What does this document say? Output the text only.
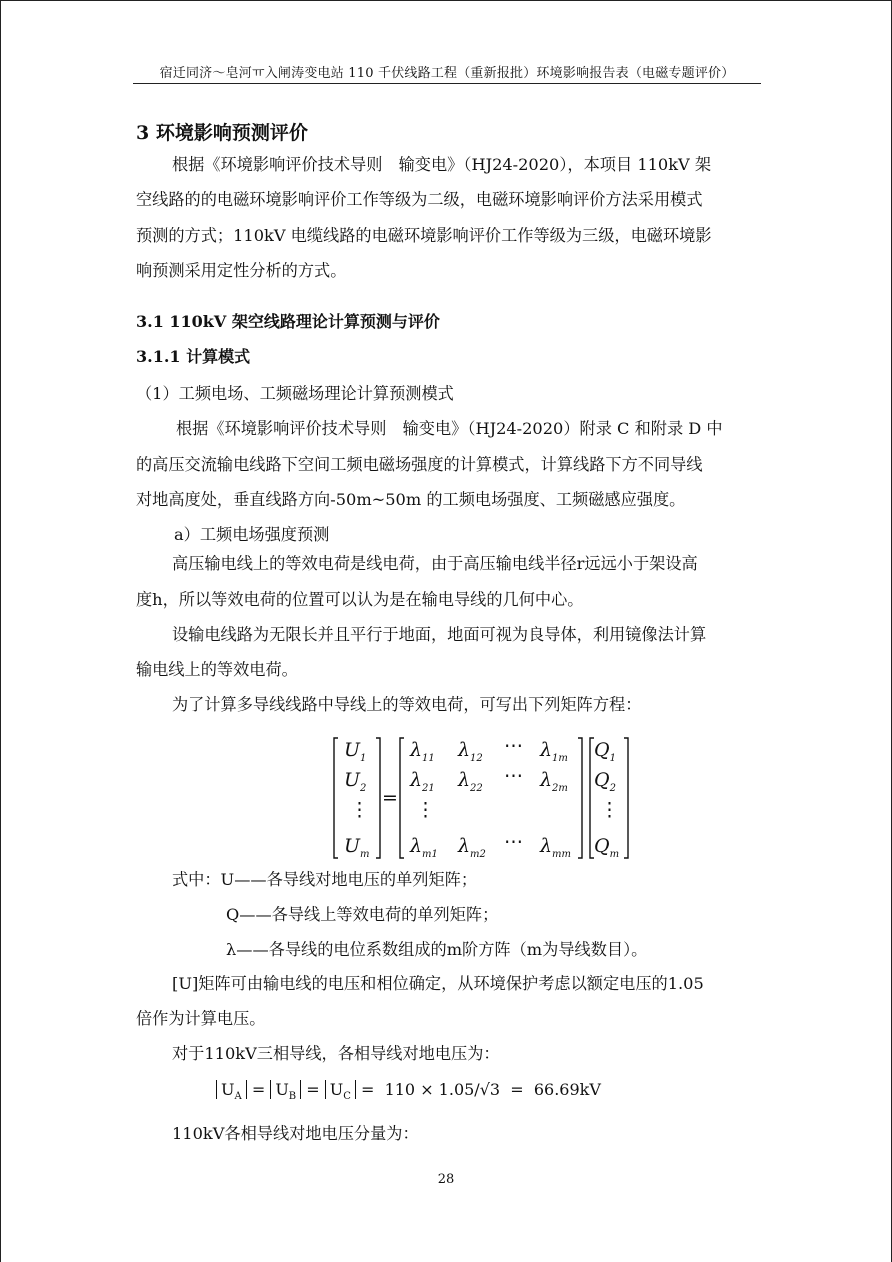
宿迁同济～皂河ㅠ入闸涛变电站 110 千伏线路工程（重新报批）环境影响报告表（电磁专题评价）
3 环境影响预测评价
根据《环境影响评价技术导则　输变电》（HJ24-2020），本项目 110kV 架
空线路的的电磁环境影响评价工作等级为二级，电磁环境影响评价方法采用模式
预测的方式；110kV 电缆线路的电磁环境影响评价工作等级为三级，电磁环境影
响预测采用定性分析的方式。
3.1 110kV 架空线路理论计算预测与评价
3.1.1 计算模式
（1）工频电场、工频磁场理论计算预测模式
根据《环境影响评价技术导则　输变电》（HJ24-2020）附录 C 和附录 D 中
的高压交流输电线路下空间工频电磁场强度的计算模式，计算线路下方不同导线
对地高度处，垂直线路方向-50m~50m 的工频电场强度、工频磁感应强度。
a）工频电场强度预测
高压输电线上的等效电荷是线电荷，由于高压输电线半径r远远小于架设高
度h，所以等效电荷的位置可以认为是在输电导线的几何中心。
设输电线路为无限长并且平行于地面，地面可视为良导体，利用镜像法计算
输电线上的等效电荷。
为了计算多导线线路中导线上的等效电荷，可写出下列矩阵方程：
$U_1$
$U_2$
⋮
$U_m$
=
$\lambda_{11}$ $\lambda_{12}$
⋯ $\lambda_{1m}$
$\lambda_{21}$ $\lambda_{22}$
⋯ $\lambda_{2m}$
⋮
$\lambda_{m1}$ $\lambda_{m2}$
⋯ $\lambda_{mm}$
$Q_1$
$Q_2$
⋮
$Q_m$
式中：U——各导线对地电压的单列矩阵；
Q——各导线上等效电荷的单列矩阵；
λ——各导线的电位系数组成的m阶方阵（m为导线数目）。
[U]矩阵可由输电线的电压和相位确定，从环境保护考虑以额定电压的1.05
倍作为计算电压。
对于110kV三相导线，各相导线对地电压为：
$U_A = U_B = U_C = 110 \times 1.05/√3 = 66.69kV$
110kV各相导线对地电压分量为：
28
